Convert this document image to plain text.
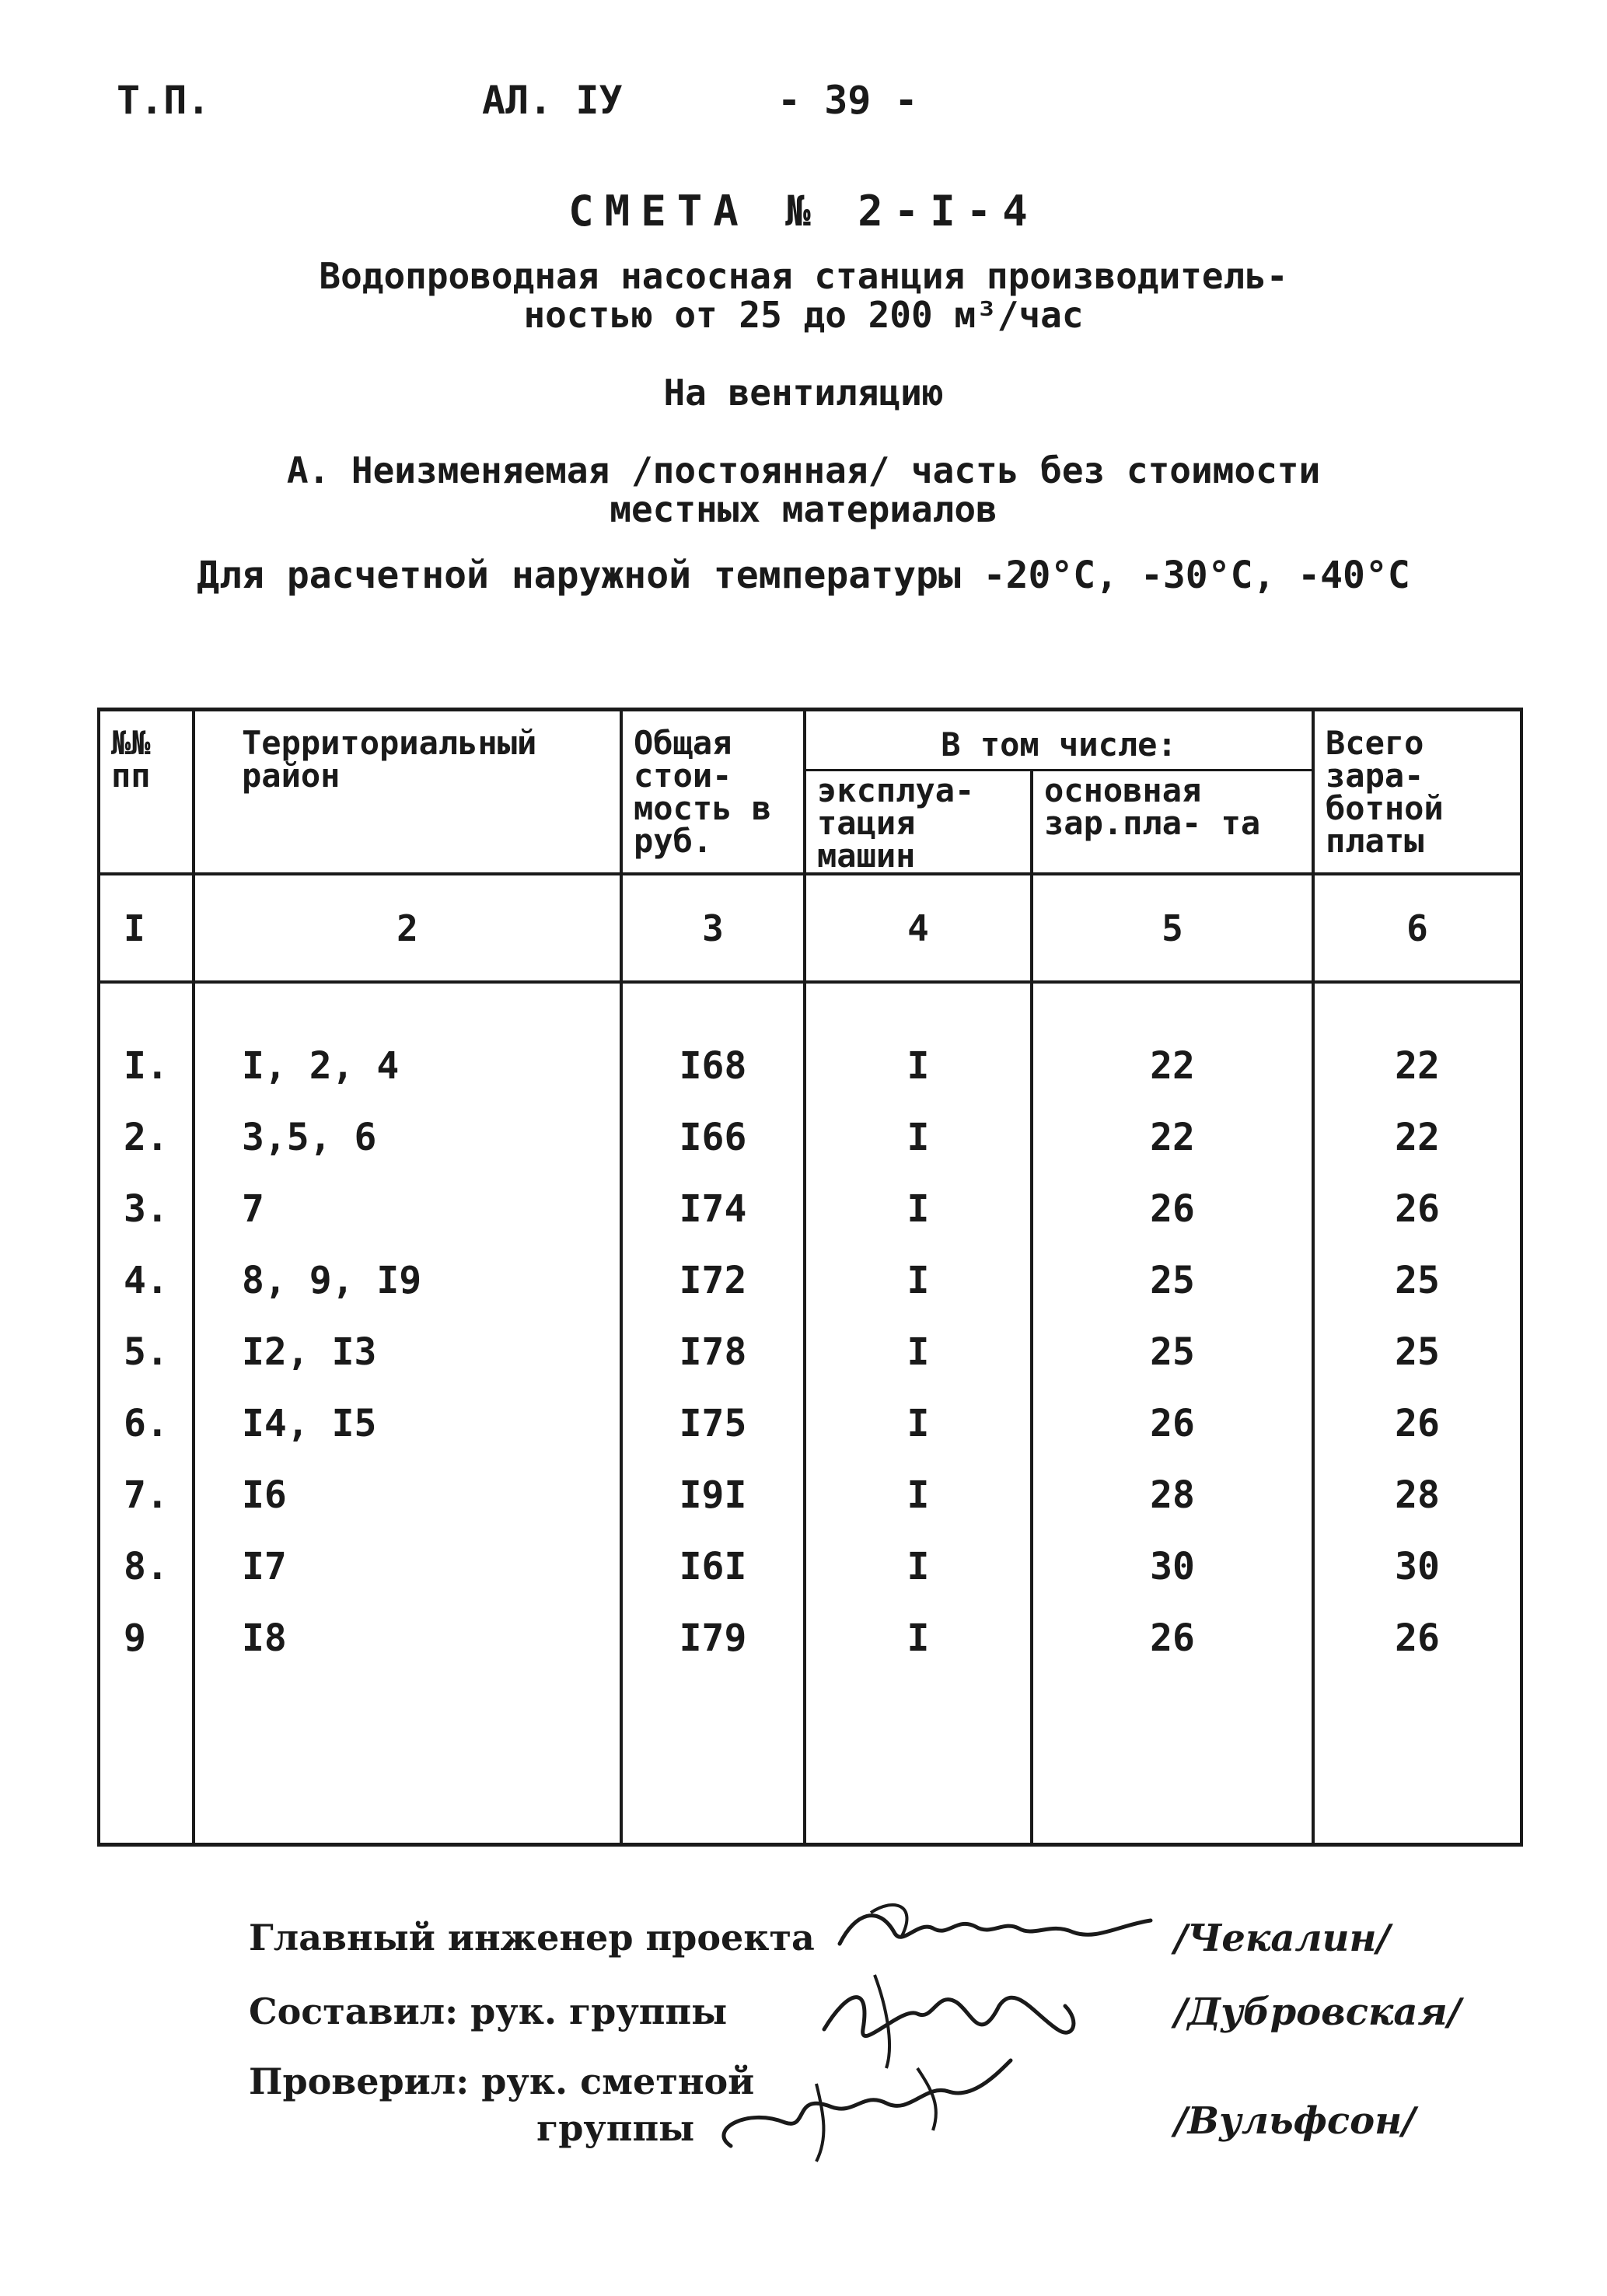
Т.П.	АЛ. IУ	- 39 -
СМЕТА № 2-I-4
Водопроводная насосная станция производитель-
ностью от 25 до 200 м³/час
На вентиляцию
А. Неизменяемая /постоянная/ часть без стоимости
местных материалов
Для расчетной наружной температуры -20°С, -30°С, -40°С
№№ пп	Территориальный район	Общая стои- мость в руб.	В том числе:		Всего зара- ботной платы
			эксплуа- тация машин	основная зар.пла- та	
I	2	3	4	5	6
I.	I, 2, 4	I68	I	22	22
2.	3,5, 6	I66	I	22	22
3.	7	I74	I	26	26
4.	8, 9, I9	I72	I	25	25
5.	I2, I3	I78	I	25	25
6.	I4, I5	I75	I	26	26
7.	I6	I9I	I	28	28
8.	I7	I6I	I	30	30
9	I8	I79	I	26	26

Главный инженер проекта
Составил: рук. группы
Проверил: рук. сметной
группы
/Чекалин/
/Дубровская/
/Вульфсон/
